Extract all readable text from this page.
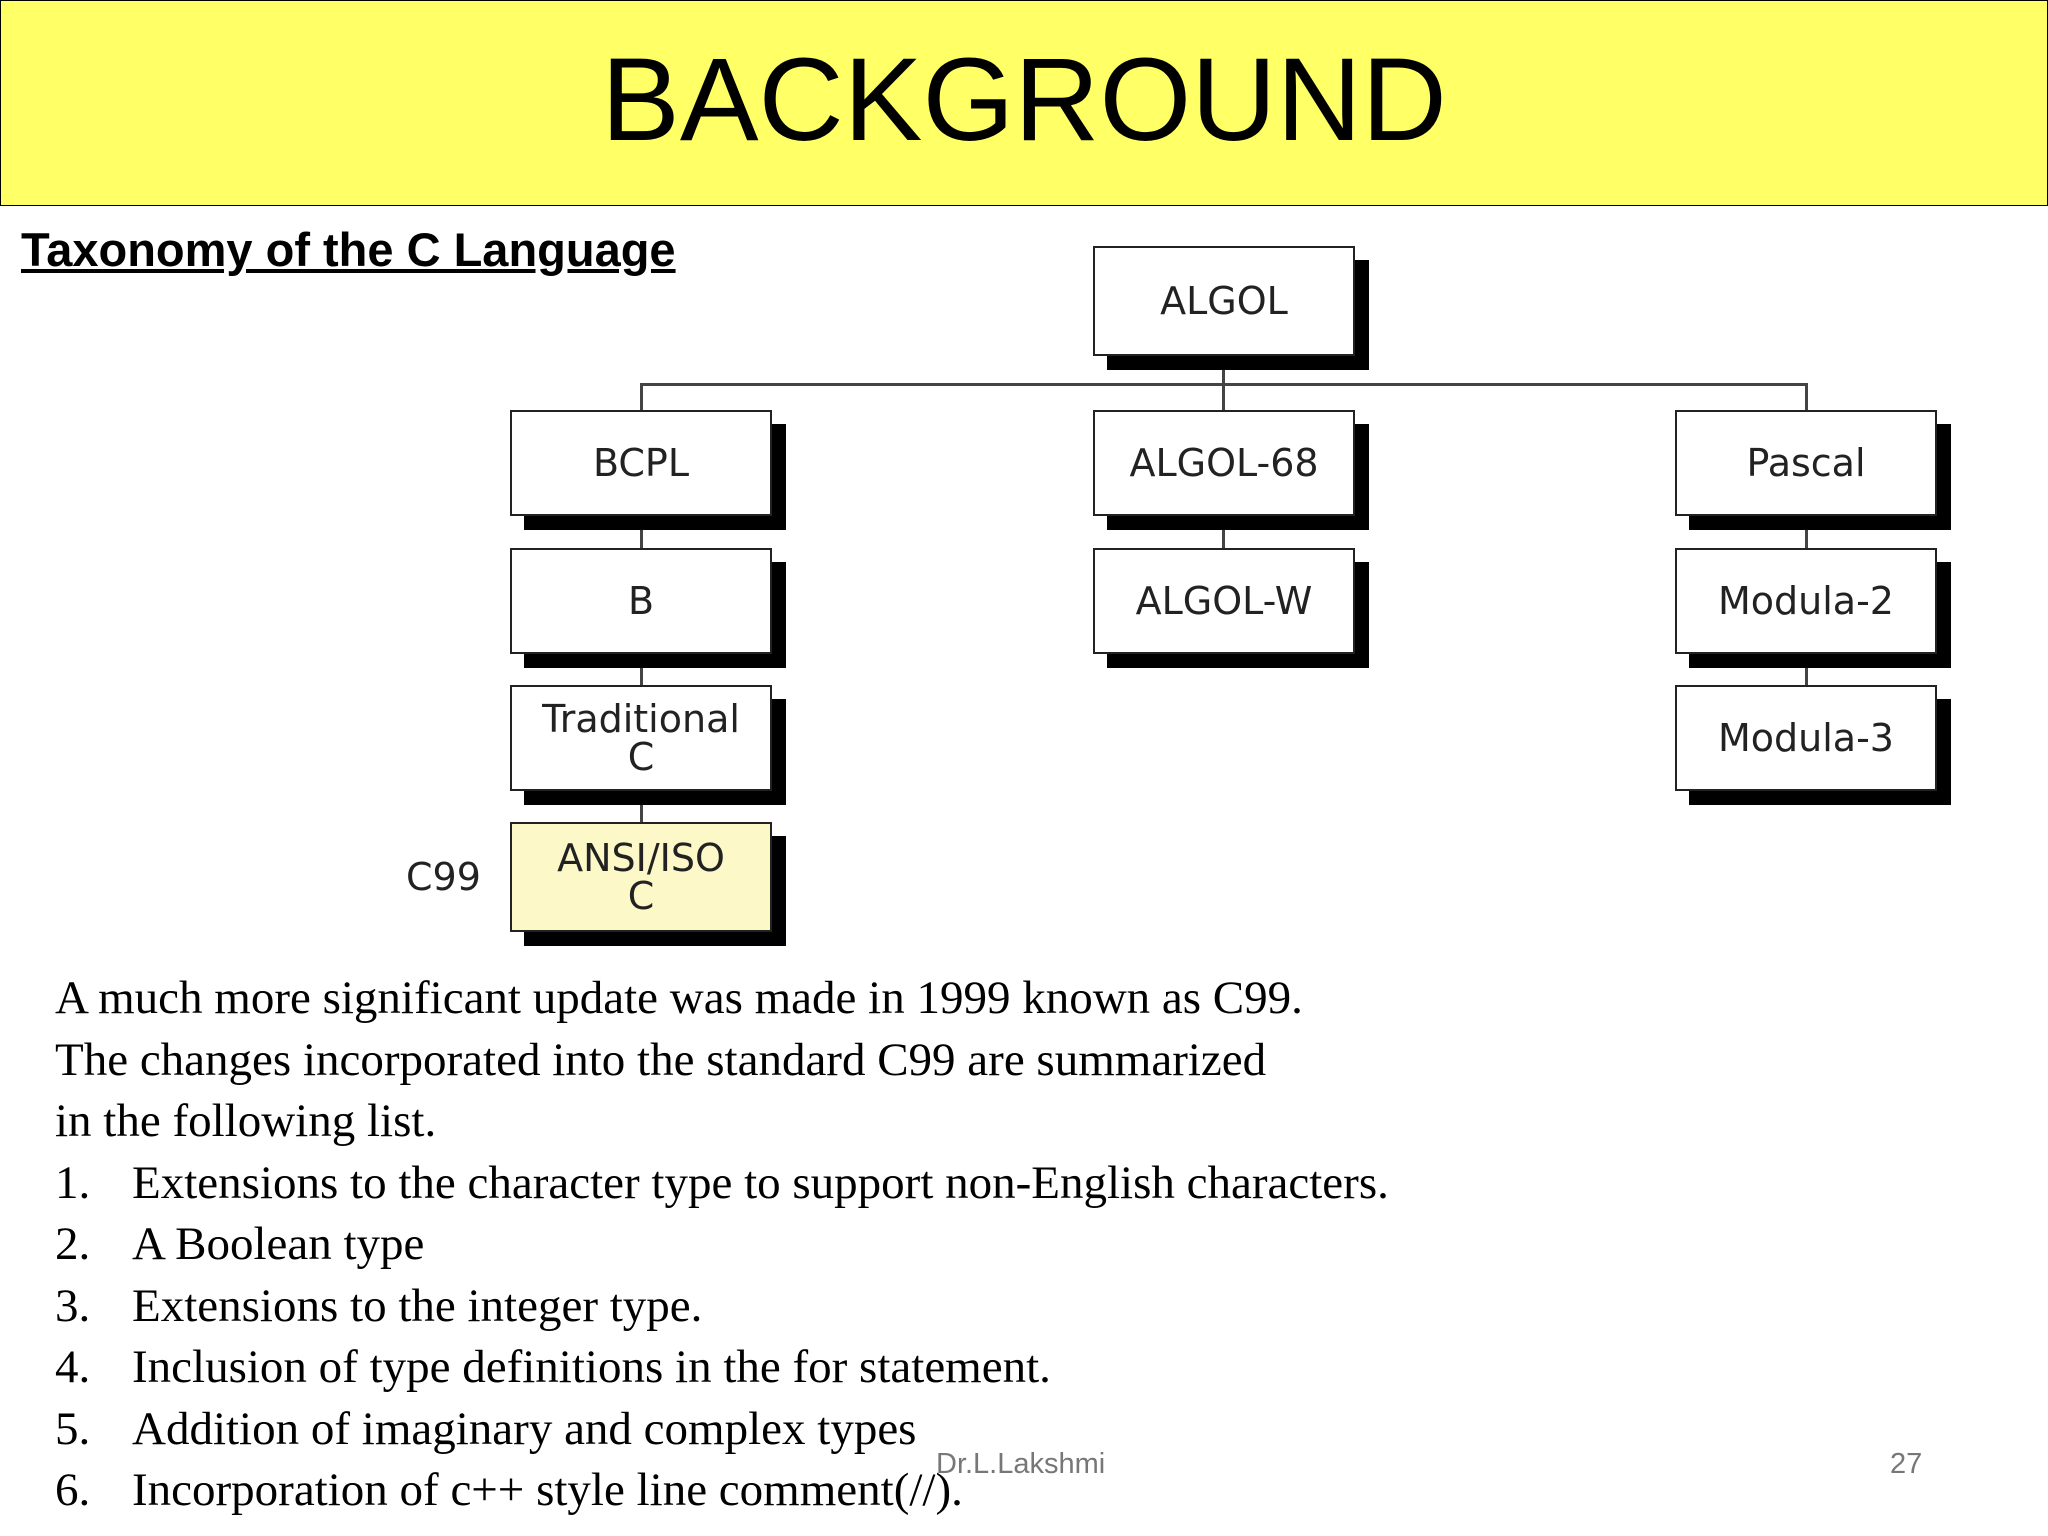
BACKGROUND
Taxonomy of the C Language
ALGOL
BCPL
B
Traditional
C
ANSI/ISO
C
ALGOL-68
ALGOL-W
Pascal
Modula-2
Modula-3
C99

A much more significant update was made in 1999 known as C99.

The changes incorporated into the standard C99 are summarized

in the following list.

1. Extensions to the character type to support non-English characters.
2. A Boolean type
3. Extensions to the integer type.
4. Inclusion of type definitions in the for statement.
5. Addition of imaginary and complex types
6. Incorporation of c++ style line comment(//).
Dr.L.Lakshmi	27
